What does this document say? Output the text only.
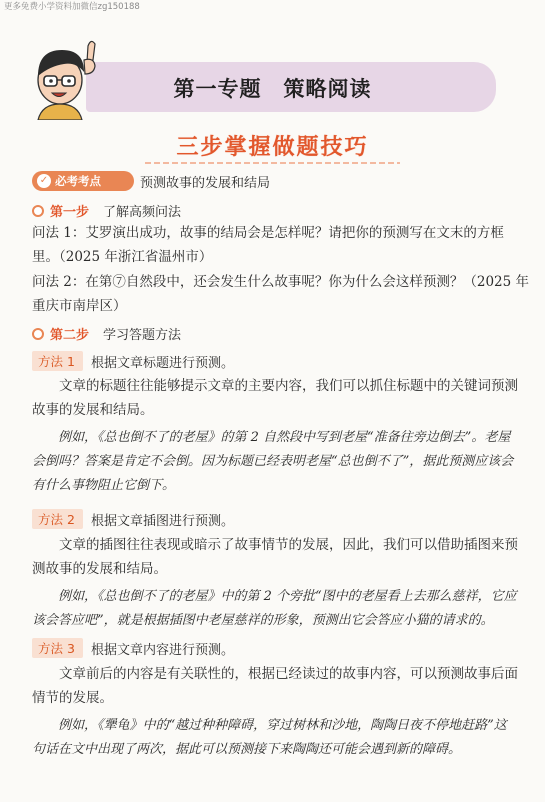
更多免费小学资料加微信zg150188
第一专题　策略阅读
三步掌握做题技巧
✓ 必考考点	预测故事的发展和结局
第一步 了解高频问法
问法 1：艾罗演出成功，故事的结局会是怎样呢？请把你的预测写在文末的方框
里。（2025 年浙江省温州市）
问法 2：在第⑦自然段中，还会发生什么故事呢？你为什么会这样预测？（2025 年
重庆市南岸区）
第二步 学习答题方法
方法 1	根据文章标题进行预测。
文章的标题往往能够提示文章的主要内容，我们可以抓住标题中的关键词预测故事的发展和结局。
例如，《总也倒不了的老屋》的第 2 自然段中写到老屋“准备往旁边倒去”。老屋会倒吗？答案是肯定不会倒。因为标题已经表明老屋“总也倒不了”，据此预测应该会有什么事物阻止它倒下。
方法 2	根据文章插图进行预测。
文章的插图往往表现或暗示了故事情节的发展，因此，我们可以借助插图来预测故事的发展和结局。
例如，《总也倒不了的老屋》中的第 2 个旁批“图中的老屋看上去那么慈祥，它应该会答应吧”，就是根据插图中老屋慈祥的形象，预测出它会答应小猫的请求的。
方法 3	根据文章内容进行预测。
文章前后的内容是有关联性的，根据已经读过的故事内容，可以预测故事后面情节的发展。
例如，《犟龟》中的“越过种种障碍，穿过树林和沙地，陶陶日夜不停地赶路”这句话在文中出现了两次，据此可以预测接下来陶陶还可能会遇到新的障碍。
